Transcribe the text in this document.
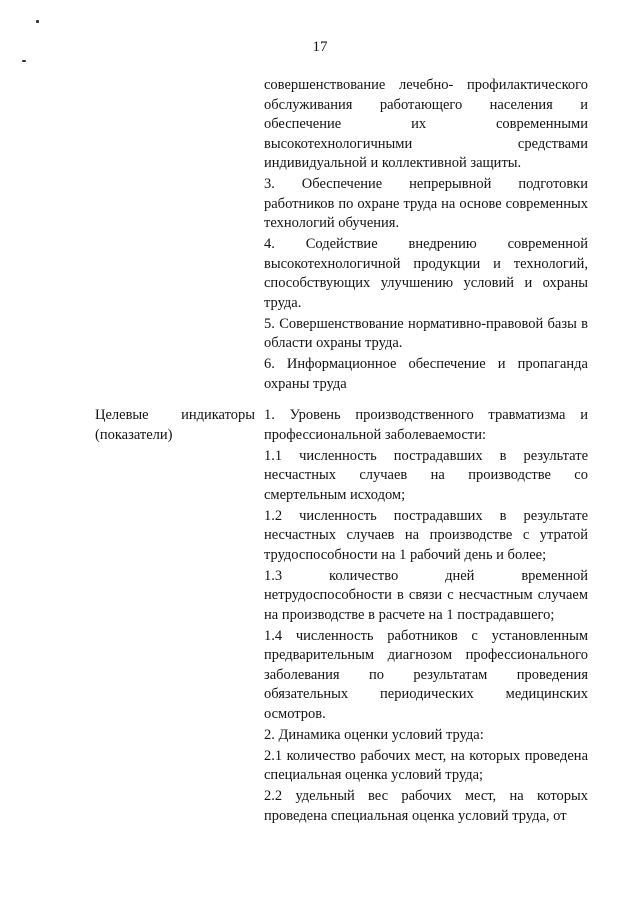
17
совершенствование лечебно- профилактического обслуживания работающего населения и обеспечение их современными высокотехнологичными средствами индивидуальной и коллективной защиты.
3. Обеспечение непрерывной подготовки работников по охране труда на основе современных технологий обучения.
4. Содействие внедрению современной высокотехнологичной продукции и технологий, способствующих улучшению условий и охраны труда.
5. Совершенствование нормативно-правовой базы в области охраны труда.
6. Информационное обеспечение и пропаганда охраны труда
Целевые индикаторы
(показатели)
1. Уровень производственного травматизма и профессиональной заболеваемости:
1.1 численность пострадавших в результате несчастных случаев на производстве со смертельным исходом;
1.2 численность пострадавших в результате несчастных случаев на производстве с утратой трудоспособности на 1 рабочий день и более;
1.3 количество дней временной нетрудоспособности в связи с несчастным случаем на производстве в расчете на 1 пострадавшего;
1.4 численность работников с установленным предварительным диагнозом профессионального заболевания по результатам проведения обязательных периодических медицинских осмотров.
2. Динамика оценки условий труда:
2.1 количество рабочих мест, на которых проведена специальная оценка условий труда;
2.2 удельный вес рабочих мест, на которых проведена специальная оценка условий труда, от
